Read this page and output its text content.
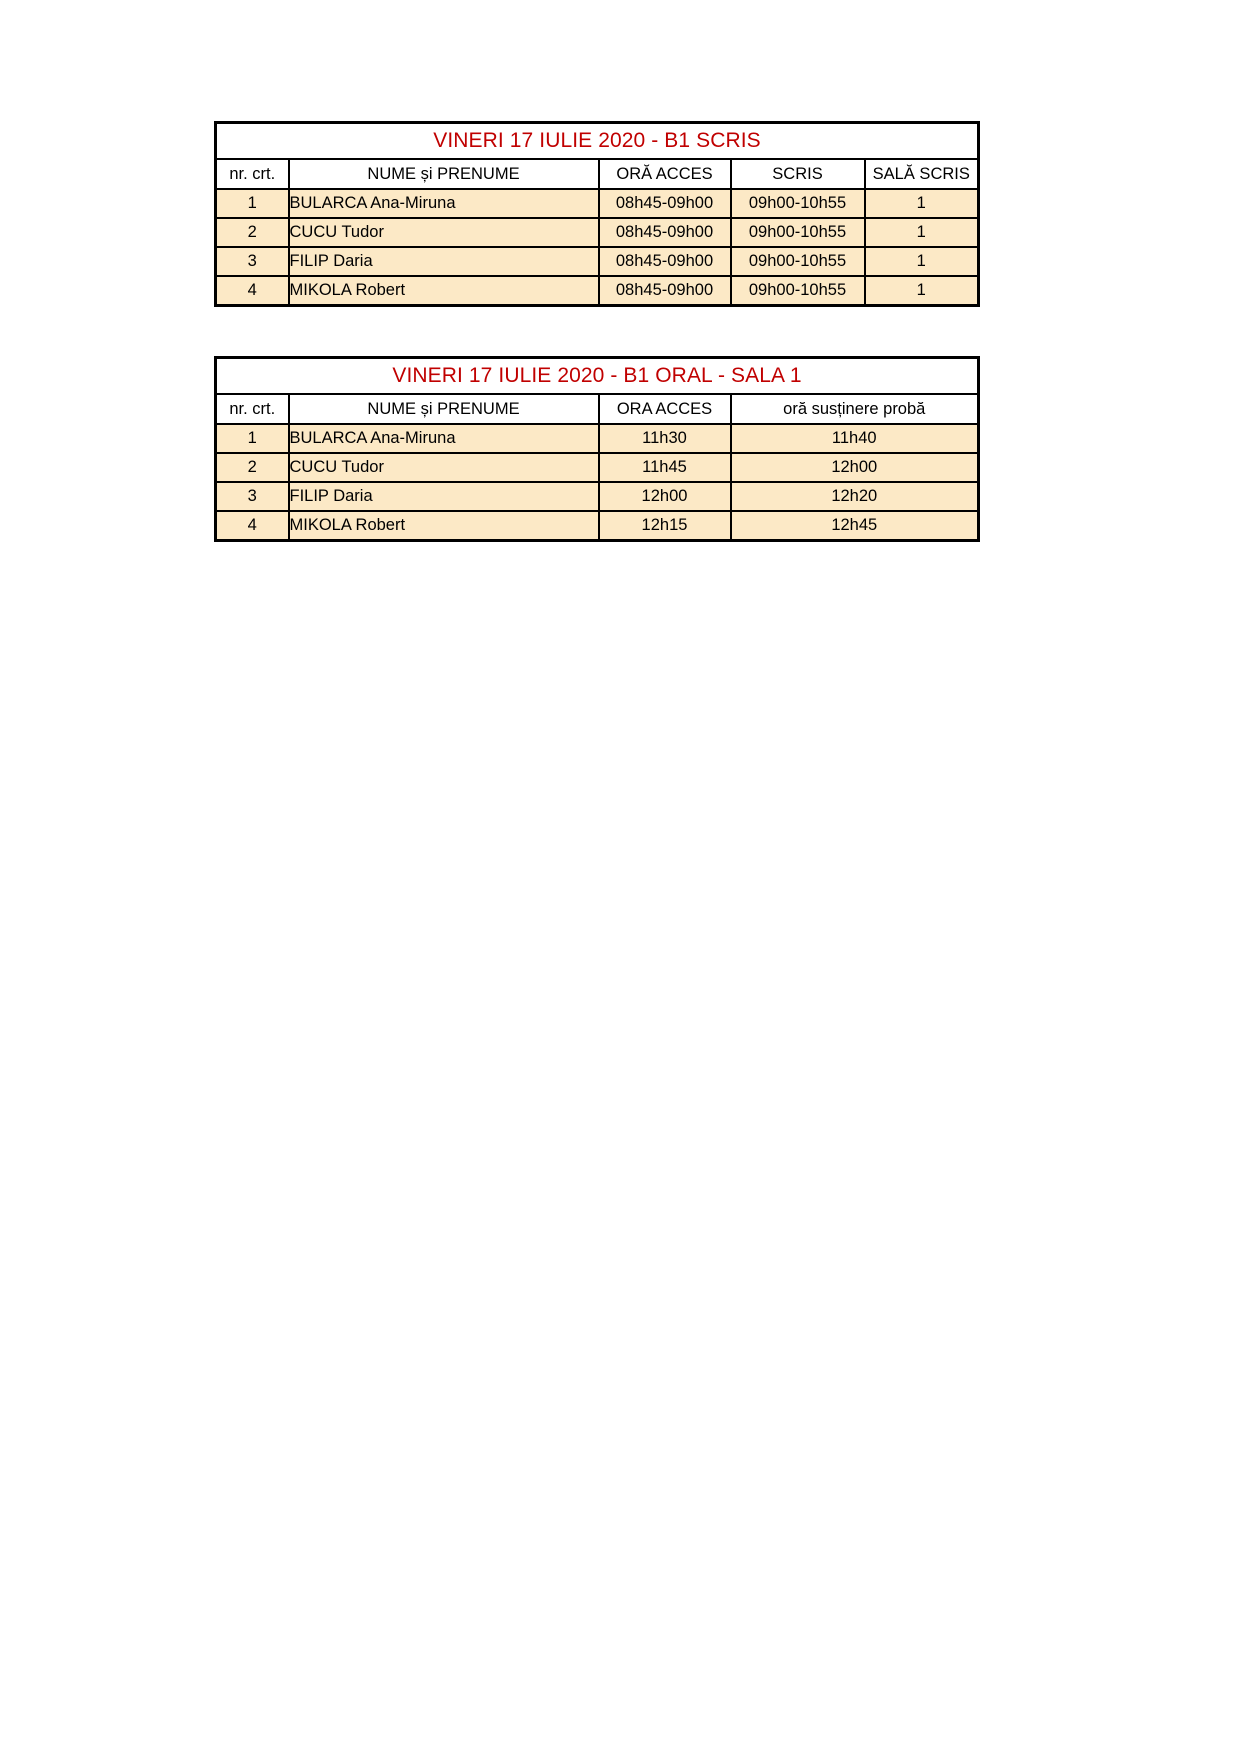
VINERI 17 IULIE 2020 - B1 SCRIS				
nr. crt.	NUME și PRENUME	ORĂ ACCES	SCRIS	SALĂ SCRIS
1	BULARCA Ana-Miruna	08h45-09h00	09h00-10h55	1
2	CUCU Tudor	08h45-09h00	09h00-10h55	1
3	FILIP Daria	08h45-09h00	09h00-10h55	1
4	MIKOLA Robert	08h45-09h00	09h00-10h55	1
VINERI 17 IULIE 2020 - B1 ORAL - SALA 1			
nr. crt.	NUME și PRENUME	ORA ACCES	oră susținere probă
1	BULARCA Ana-Miruna	11h30	11h40
2	CUCU Tudor	11h45	12h00
3	FILIP Daria	12h00	12h20
4	MIKOLA Robert	12h15	12h45
